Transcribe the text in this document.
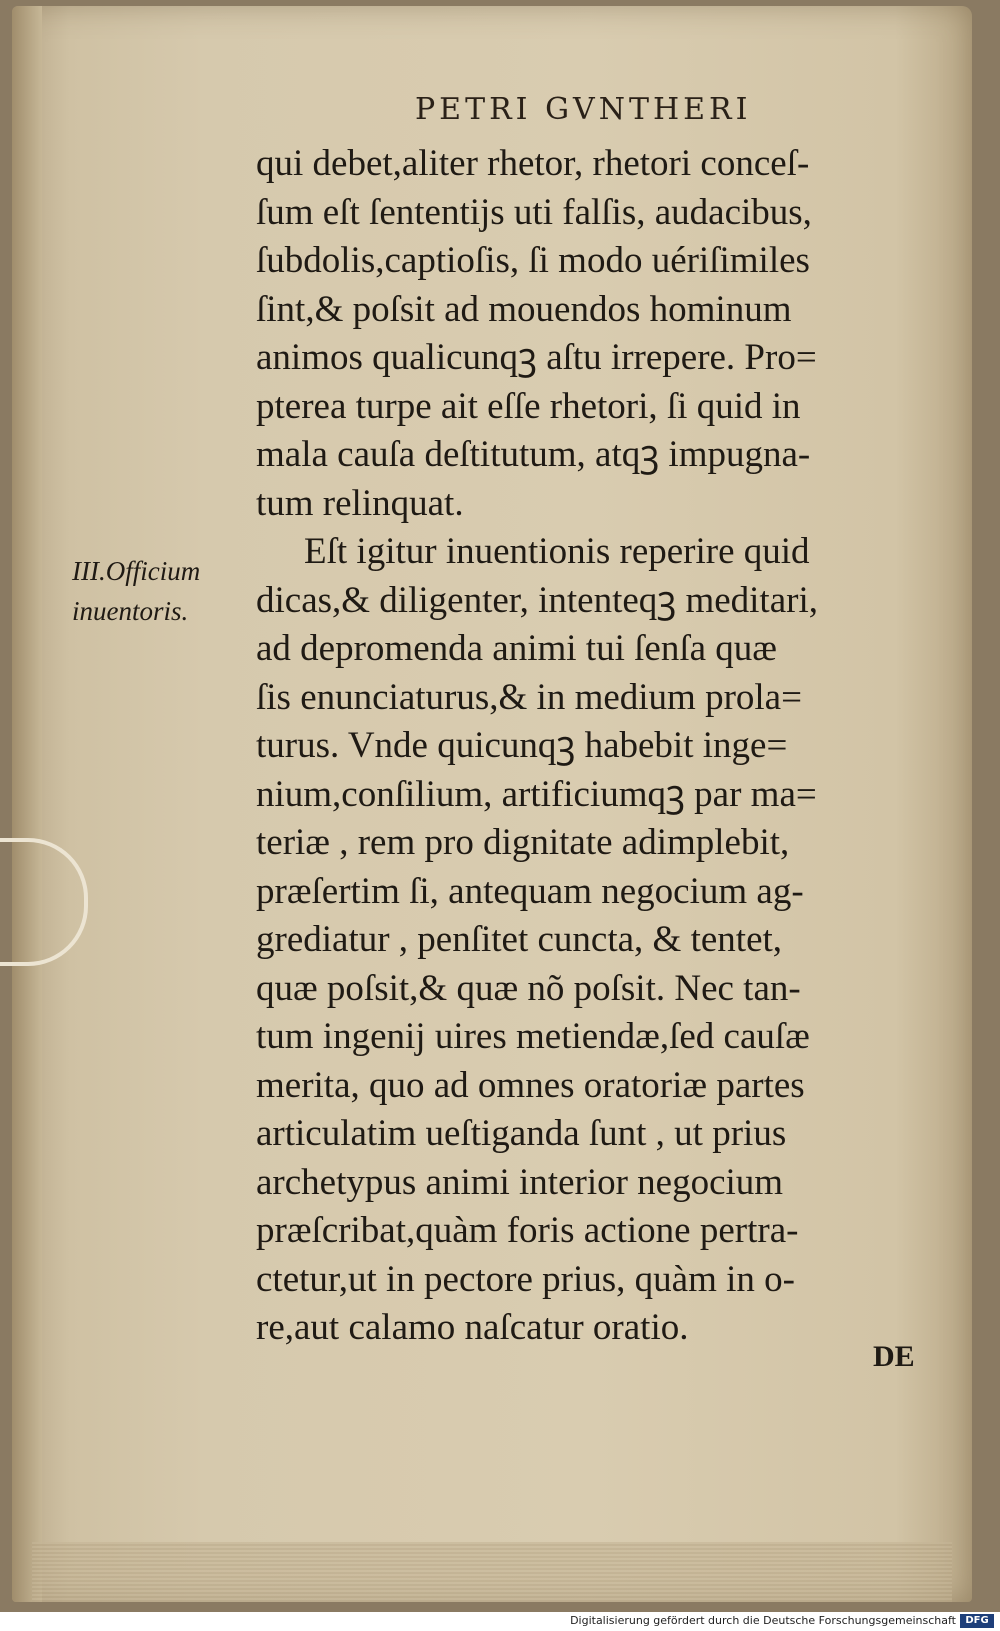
PETRI GVNTHERI
III.Officium
inuentoris.
qui debet,aliter rhetor, rhetori conceſ-
ſum eſt ſententijs uti falſis, audacibus,
ſubdolis,captioſis, ſi modo uériſimiles
ſint,& poſsit ad mouendos hominum
animos qualicunqꝫ aſtu irrepere. Pro=
pterea turpe ait eſſe rhetori, ſi quid in
mala cauſa deſtitutum, atqꝫ impugna-
tum relinquat.
Eſt igitur inuentionis reperire quid
dicas,& diligenter, intenteqꝫ meditari,
ad depromenda animi tui ſenſa quæ
ſis enunciaturus,& in medium prola=
turus. Vnde quicunqꝫ habebit inge=
nium,conſilium, artificiumqꝫ par ma=
teriæ , rem pro dignitate adimplebit,
præſertim ſi, antequam negocium ag-
grediatur , penſitet cuncta, & tentet,
quæ poſsit,& quæ nõ poſsit. Nec tan-
tum ingenij uires metiendæ,ſed cauſæ
merita, quo ad omnes oratoriæ partes
articulatim ueſtiganda ſunt , ut prius
archetypus animi interior negocium
præſcribat,quàm foris actione pertra-
ctetur,ut in pectore prius, quàm in o-
re,aut calamo naſcatur oratio.
DE
Digitalisierung gefördert durch die Deutsche Forschungsgemeinschaft DFG
